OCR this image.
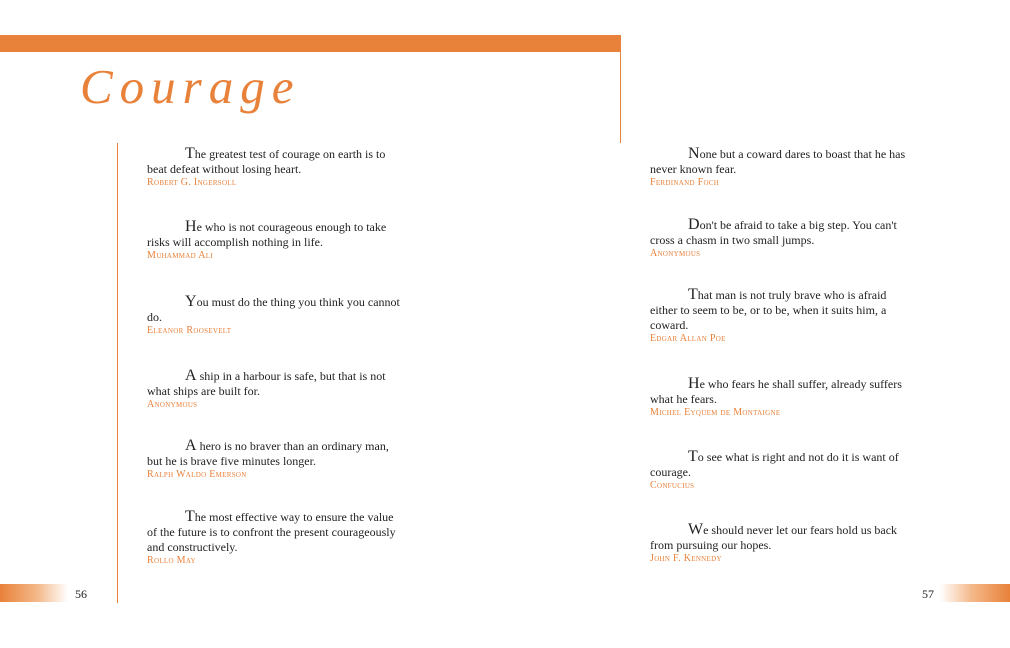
Courage
The greatest test of courage on earth is to beat defeat without losing heart.
Robert G. Ingersoll
He who is not courageous enough to take risks will accomplish nothing in life.
Muhammad Ali
You must do the thing you think you cannot do.
Eleanor Roosevelt
A ship in a harbour is safe, but that is not what ships are built for.
Anonymous
A hero is no braver than an ordinary man, but he is brave five minutes longer.
Ralph Waldo Emerson
The most effective way to ensure the value of the future is to confront the present courageously and constructively.
Rollo May
None but a coward dares to boast that he has never known fear.
Ferdinand Foch
Don't be afraid to take a big step. You can't cross a chasm in two small jumps.
Anonymous
That man is not truly brave who is afraid either to seem to be, or to be, when it suits him, a coward.
Edgar Allan Poe
He who fears he shall suffer, already suffers what he fears.
Michel Eyquem de Montaigne
To see what is right and not do it is want of courage.
Confucius
We should never let our fears hold us back from pursuing our hopes.
John F. Kennedy
56	57
